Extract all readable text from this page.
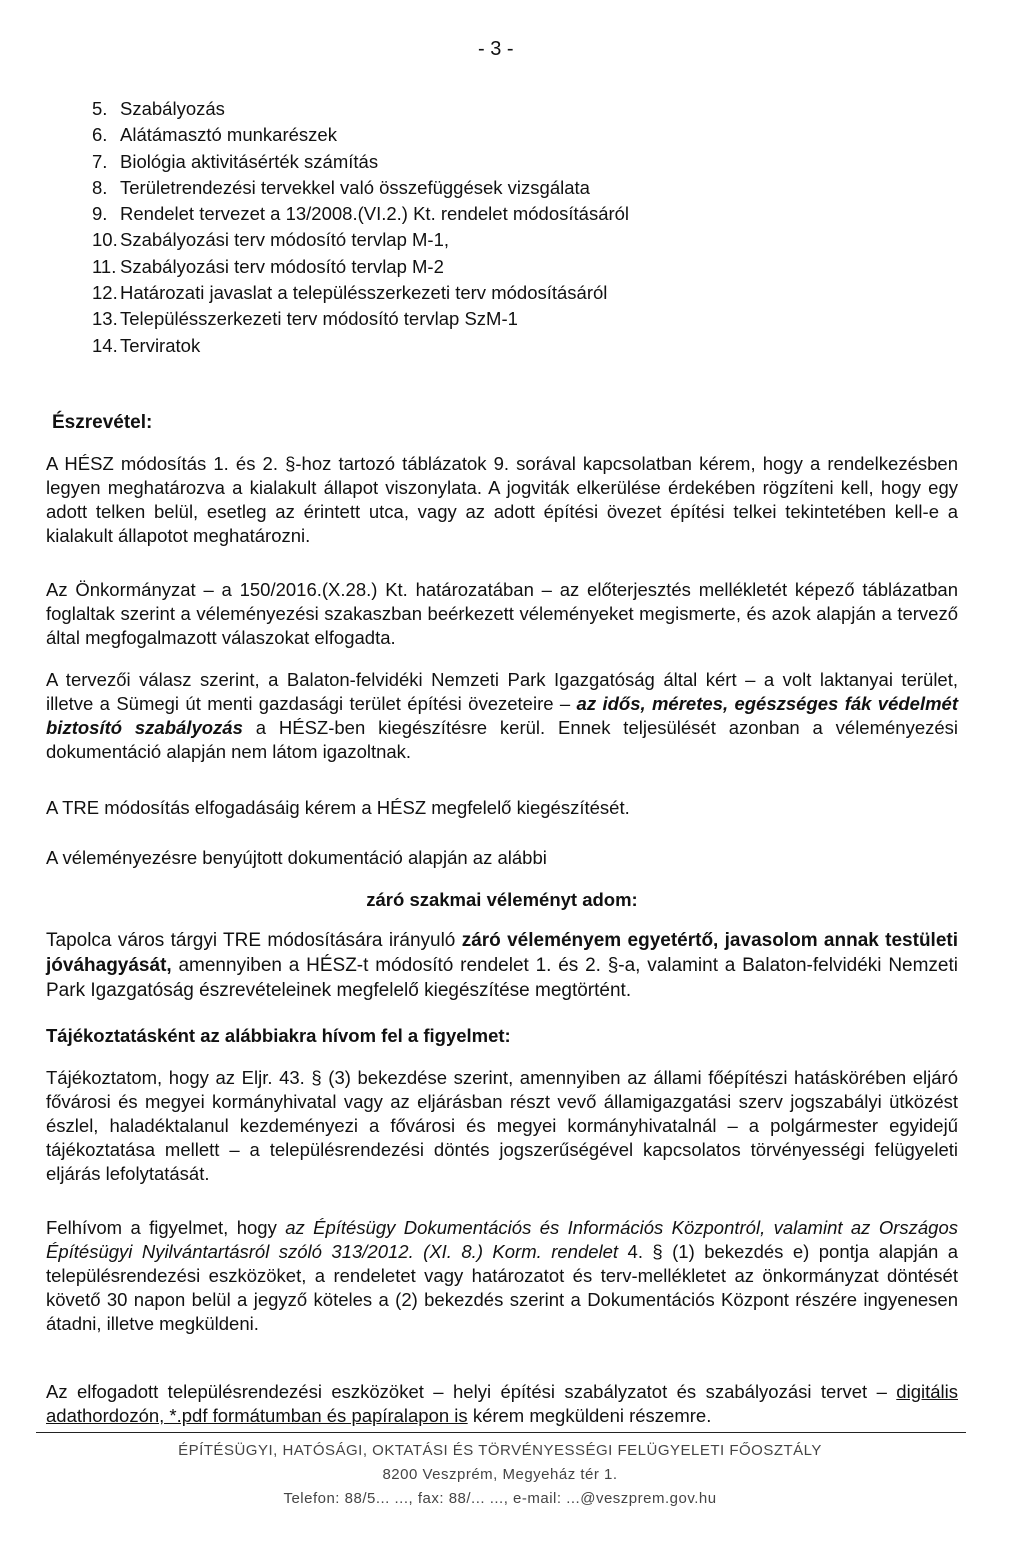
- 3 -
5. Szabályozás
6. Alátámasztó munkarészek
7. Biológia aktivitásérték számítás
8. Területrendezési tervekkel való összefüggések vizsgálata
9. Rendelet tervezet a 13/2008.(VI.2.) Kt. rendelet módosításáról
10. Szabályozási terv módosító tervlap M-1,
11. Szabályozási terv módosító tervlap M-2
12. Határozati javaslat a településszerkezeti terv módosításáról
13. Településszerkezeti terv módosító tervlap SzM-1
14. Terviratok
Észrevétel:

A HÉSZ módosítás 1. és 2. §-hoz tartozó táblázatok 9. sorával kapcsolatban kérem, hogy a rendelkezésben legyen meghatározva a kialakult állapot viszonylata. A jogviták elkerülése érdekében rögzíteni kell, hogy egy adott telken belül, esetleg az érintett utca, vagy az adott építési övezet építési telkei tekintetében kell-e a kialakult állapotot meghatározni.

Az Önkormányzat – a 150/2016.(X.28.) Kt. határozatában – az előterjesztés mellékletét képező táblázatban foglaltak szerint a véleményezési szakaszban beérkezett véleményeket megismerte, és azok alapján a tervező által megfogalmazott válaszokat elfogadta.

A tervezői válasz szerint, a Balaton-felvidéki Nemzeti Park Igazgatóság által kért – a volt laktanyai terület, illetve a Sümegi út menti gazdasági terület építési övezeteire – az idős, méretes, egészséges fák védelmét biztosító szabályozás a HÉSZ-ben kiegészítésre kerül. Ennek teljesülését azonban a véleményezési dokumentáció alapján nem látom igazoltnak.

A TRE módosítás elfogadásáig kérem a HÉSZ megfelelő kiegészítését.

A véleményezésre benyújtott dokumentáció alapján az alábbi

záró szakmai véleményt adom:

Tapolca város tárgyi TRE módosítására irányuló záró véleményem egyetértő, javasolom annak testületi jóváhagyását, amennyiben a HÉSZ-t módosító rendelet 1. és 2. §-a, valamint a Balaton-felvidéki Nemzeti Park Igazgatóság észrevételeinek megfelelő kiegészítése megtörtént.

Tájékoztatásként az alábbiakra hívom fel a figyelmet:

Tájékoztatom, hogy az Eljr. 43. § (3) bekezdése szerint, amennyiben az állami főépítészi hatáskörében eljáró fővárosi és megyei kormányhivatal vagy az eljárásban részt vevő államigazgatási szerv jogszabályi ütközést észlel, haladéktalanul kezdeményezi a fővárosi és megyei kormányhivatalnál – a polgármester egyidejű tájékoztatása mellett – a településrendezési döntés jogszerűségével kapcsolatos törvényességi felügyeleti eljárás lefolytatását.

Felhívom a figyelmet, hogy az Építésügy Dokumentációs és Információs Központról, valamint az Országos Építésügyi Nyilvántartásról szóló 313/2012. (XI. 8.) Korm. rendelet 4. § (1) bekezdés e) pontja alapján a településrendezési eszközöket, a rendeletet vagy határozatot és terv-mellékletet az önkormányzat döntését követő 30 napon belül a jegyző köteles a (2) bekezdés szerint a Dokumentációs Központ részére ingyenesen átadni, illetve megküldeni.

Az elfogadott településrendezési eszközöket – helyi építési szabályzatot és szabályozási tervet – digitális adathordozón, *.pdf formátumban és papíralapon is kérem megküldeni részemre.

ÉPÍTÉSÜGYI, HATÓSÁGI, OKTATÁSI ÉS TÖRVÉNYESSÉGI FELÜGYELETI FŐOSZTÁLY
8200 Veszprém, Megyeház tér 1.
Telefon: 88/5... ..., fax: 88/... ..., e-mail: ...@veszprem.gov.hu
